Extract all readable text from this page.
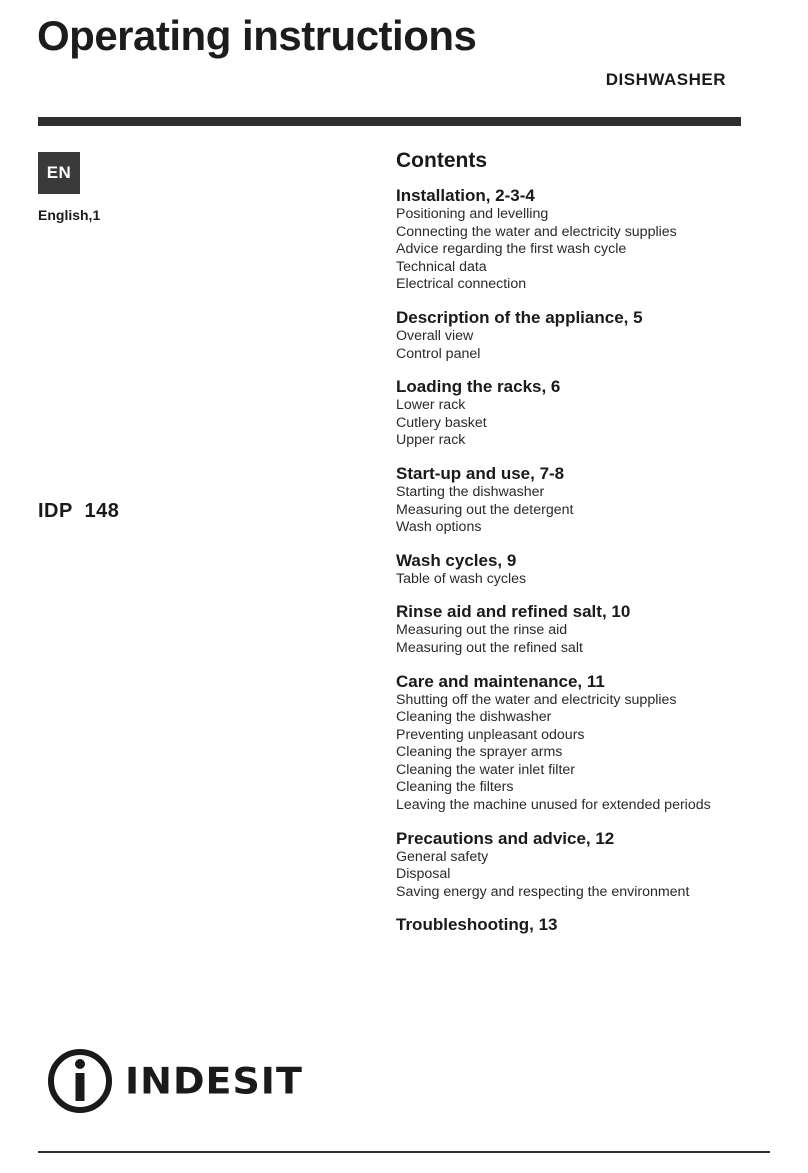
Operating instructions
DISHWASHER
EN
English,1
IDP 148
Contents
Installation, 2-3-4
Positioning and levelling
Connecting the water and electricity supplies
Advice regarding the first wash cycle
Technical data
Electrical connection
Description of the appliance, 5
Overall view
Control panel
Loading the racks, 6
Lower rack
Cutlery basket
Upper rack
Start-up and use, 7-8
Starting the dishwasher
Measuring out the detergent
Wash options
Wash cycles, 9
Table of wash cycles
Rinse aid and refined salt, 10
Measuring out the rinse aid
Measuring out the refined salt
Care and maintenance, 11
Shutting off the water and electricity supplies
Cleaning the dishwasher
Preventing unpleasant odours
Cleaning the sprayer arms
Cleaning the water inlet filter
Cleaning the filters
Leaving the machine unused for extended periods
Precautions and advice, 12
General safety
Disposal
Saving energy and respecting the environment
Troubleshooting, 13
INDESIT
